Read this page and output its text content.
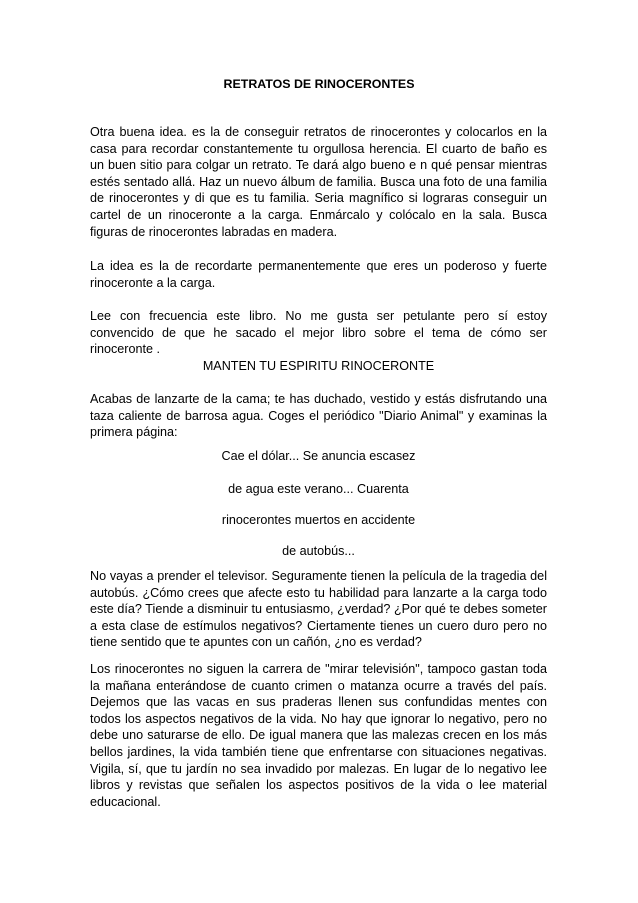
RETRATOS DE RINOCERONTES

Otra buena idea. es la de conseguir retratos de rinocerontes y colocarlos en la casa para recordar constantemente tu orgullosa herencia. El cuarto de baño es un buen sitio para colgar un retrato. Te dará algo bueno e n qué pensar mientras estés sentado allá. Haz un nuevo álbum de familia. Busca una foto de una familia de rinocerontes y di que es tu familia. Seria magnífico si lograras conseguir un cartel de un rinoceronte a la carga. Enmárcalo y colócalo en la sala. Busca figuras de rinocerontes labradas en madera.

La idea es la de recordarte permanentemente que eres un poderoso y fuerte rinoceronte a la carga.

Lee con frecuencia este libro. No me gusta ser petulante pero sí estoy convencido de que he sacado el mejor libro sobre el tema de cómo ser rinoceronte .

MANTEN TU ESPIRITU RINOCERONTE

Acabas de lanzarte de la cama; te has duchado, vestido y estás disfrutando una taza caliente de barrosa agua. Coges el periódico "Diario Animal" y examinas la primera página:

Cae el dólar... Se anuncia escasez
de agua este verano... Cuarenta
rinocerontes muertos en accidente
de autobús...

No vayas a prender el televisor. Seguramente tienen la película de la tragedia del autobús. ¿Cómo crees que afecte esto tu habilidad para lanzarte a la carga todo este día? Tiende a disminuir tu entusiasmo, ¿verdad? ¿Por qué te debes someter a esta clase de estímulos negativos? Ciertamente tienes un cuero duro pero no tiene sentido que te apuntes con un cañón, ¿no es verdad?

Los rinocerontes no siguen la carrera de "mirar televisión", tampoco gastan toda la mañana enterándose de cuanto crimen o matanza ocurre a través del país. Dejemos que las vacas en sus praderas llenen sus confundidas mentes con todos los aspectos negativos de la vida. No hay que ignorar lo negativo, pero no debe uno saturarse de ello. De igual manera que las malezas crecen en los más bellos jardines, la vida también tiene que enfrentarse con situaciones negativas. Vigila, sí, que tu jardín no sea invadido por malezas. En lugar de lo negativo lee libros y revistas que señalen los aspectos positivos de la vida o lee material educacional.
